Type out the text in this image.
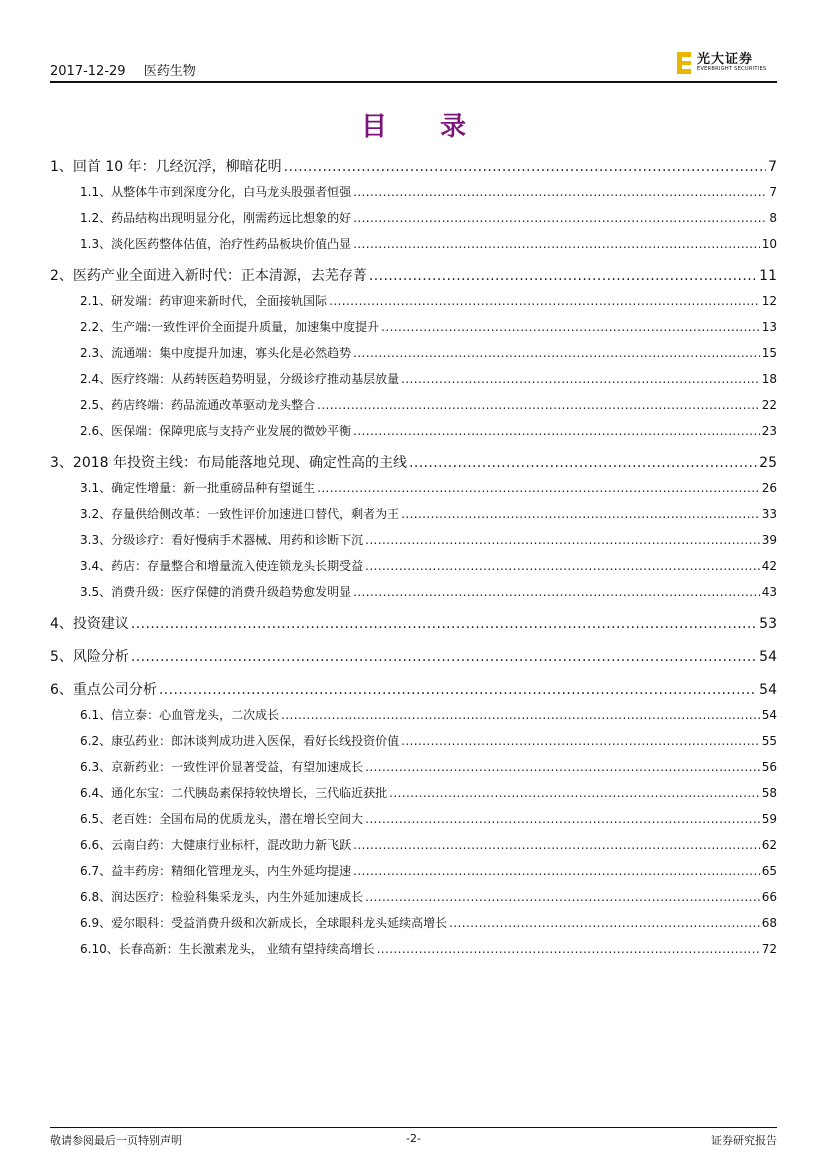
2017-12-29 医药生物
光大证券
EVERBRIGHT SECURITIES
目 录
1、 回首 10 年：几经沉浮，柳暗花明 .....	7
1.1、 从整体牛市到深度分化，白马龙头股强者恒强 .....	7
1.2、 药品结构出现明显分化，刚需药远比想象的好 .....	8
1.3、 淡化医药整体估值，治疗性药品板块价值凸显 .....	10
2、 医药产业全面进入新时代：正本清源，去芜存菁 .....	11
2.1、 研发端：药审迎来新时代，全面接轨国际 .....	12
2.2、 生产端:一致性评价全面提升质量，加速集中度提升 .....	13
2.3、 流通端：集中度提升加速，寡头化是必然趋势 .....	15
2.4、 医疗终端：从药转医趋势明显，分级诊疗推动基层放量 .....	18
2.5、 药店终端：药品流通改革驱动龙头整合 .....	22
2.6、 医保端：保障兜底与支持产业发展的微妙平衡 .....	23
3、 2018 年投资主线：布局能落地兑现、确定性高的主线 .....	25
3.1、 确定性增量：新一批重磅品种有望诞生 .....	26
3.2、 存量供给侧改革：一致性评价加速进口替代，剩者为王 .....	33
3.3、 分级诊疗：看好慢病手术器械、用药和诊断下沉 .....	39
3.4、 药店：存量整合和增量流入使连锁龙头长期受益 .....	42
3.5、 消费升级：医疗保健的消费升级趋势愈发明显 .....	43
4、 投资建议 .....	53
5、 风险分析 .....	54
6、 重点公司分析 .....	54
6.1、 信立泰：心血管龙头，二次成长 .....	54
6.2、 康弘药业：郎沐谈判成功进入医保，看好长线投资价值 .....	55
6.3、 京新药业：一致性评价显著受益，有望加速成长 .....	56
6.4、 通化东宝：二代胰岛素保持较快增长，三代临近获批 .....	58
6.5、 老百姓：全国布局的优质龙头，潜在增长空间大 .....	59
6.6、 云南白药：大健康行业标杆，混改助力新飞跃 .....	62
6.7、 益丰药房：精细化管理龙头，内生外延均提速 .....	65
6.8、 润达医疗：检验科集采龙头，内生外延加速成长 .....	66
6.9、 爱尔眼科：受益消费升级和次新成长，全球眼科龙头延续高增长 .....	68
6.10、 长春高新：生长激素龙头， 业绩有望持续高增长 .....	72
敬请参阅最后一页特别声明	-2-	证券研究报告
